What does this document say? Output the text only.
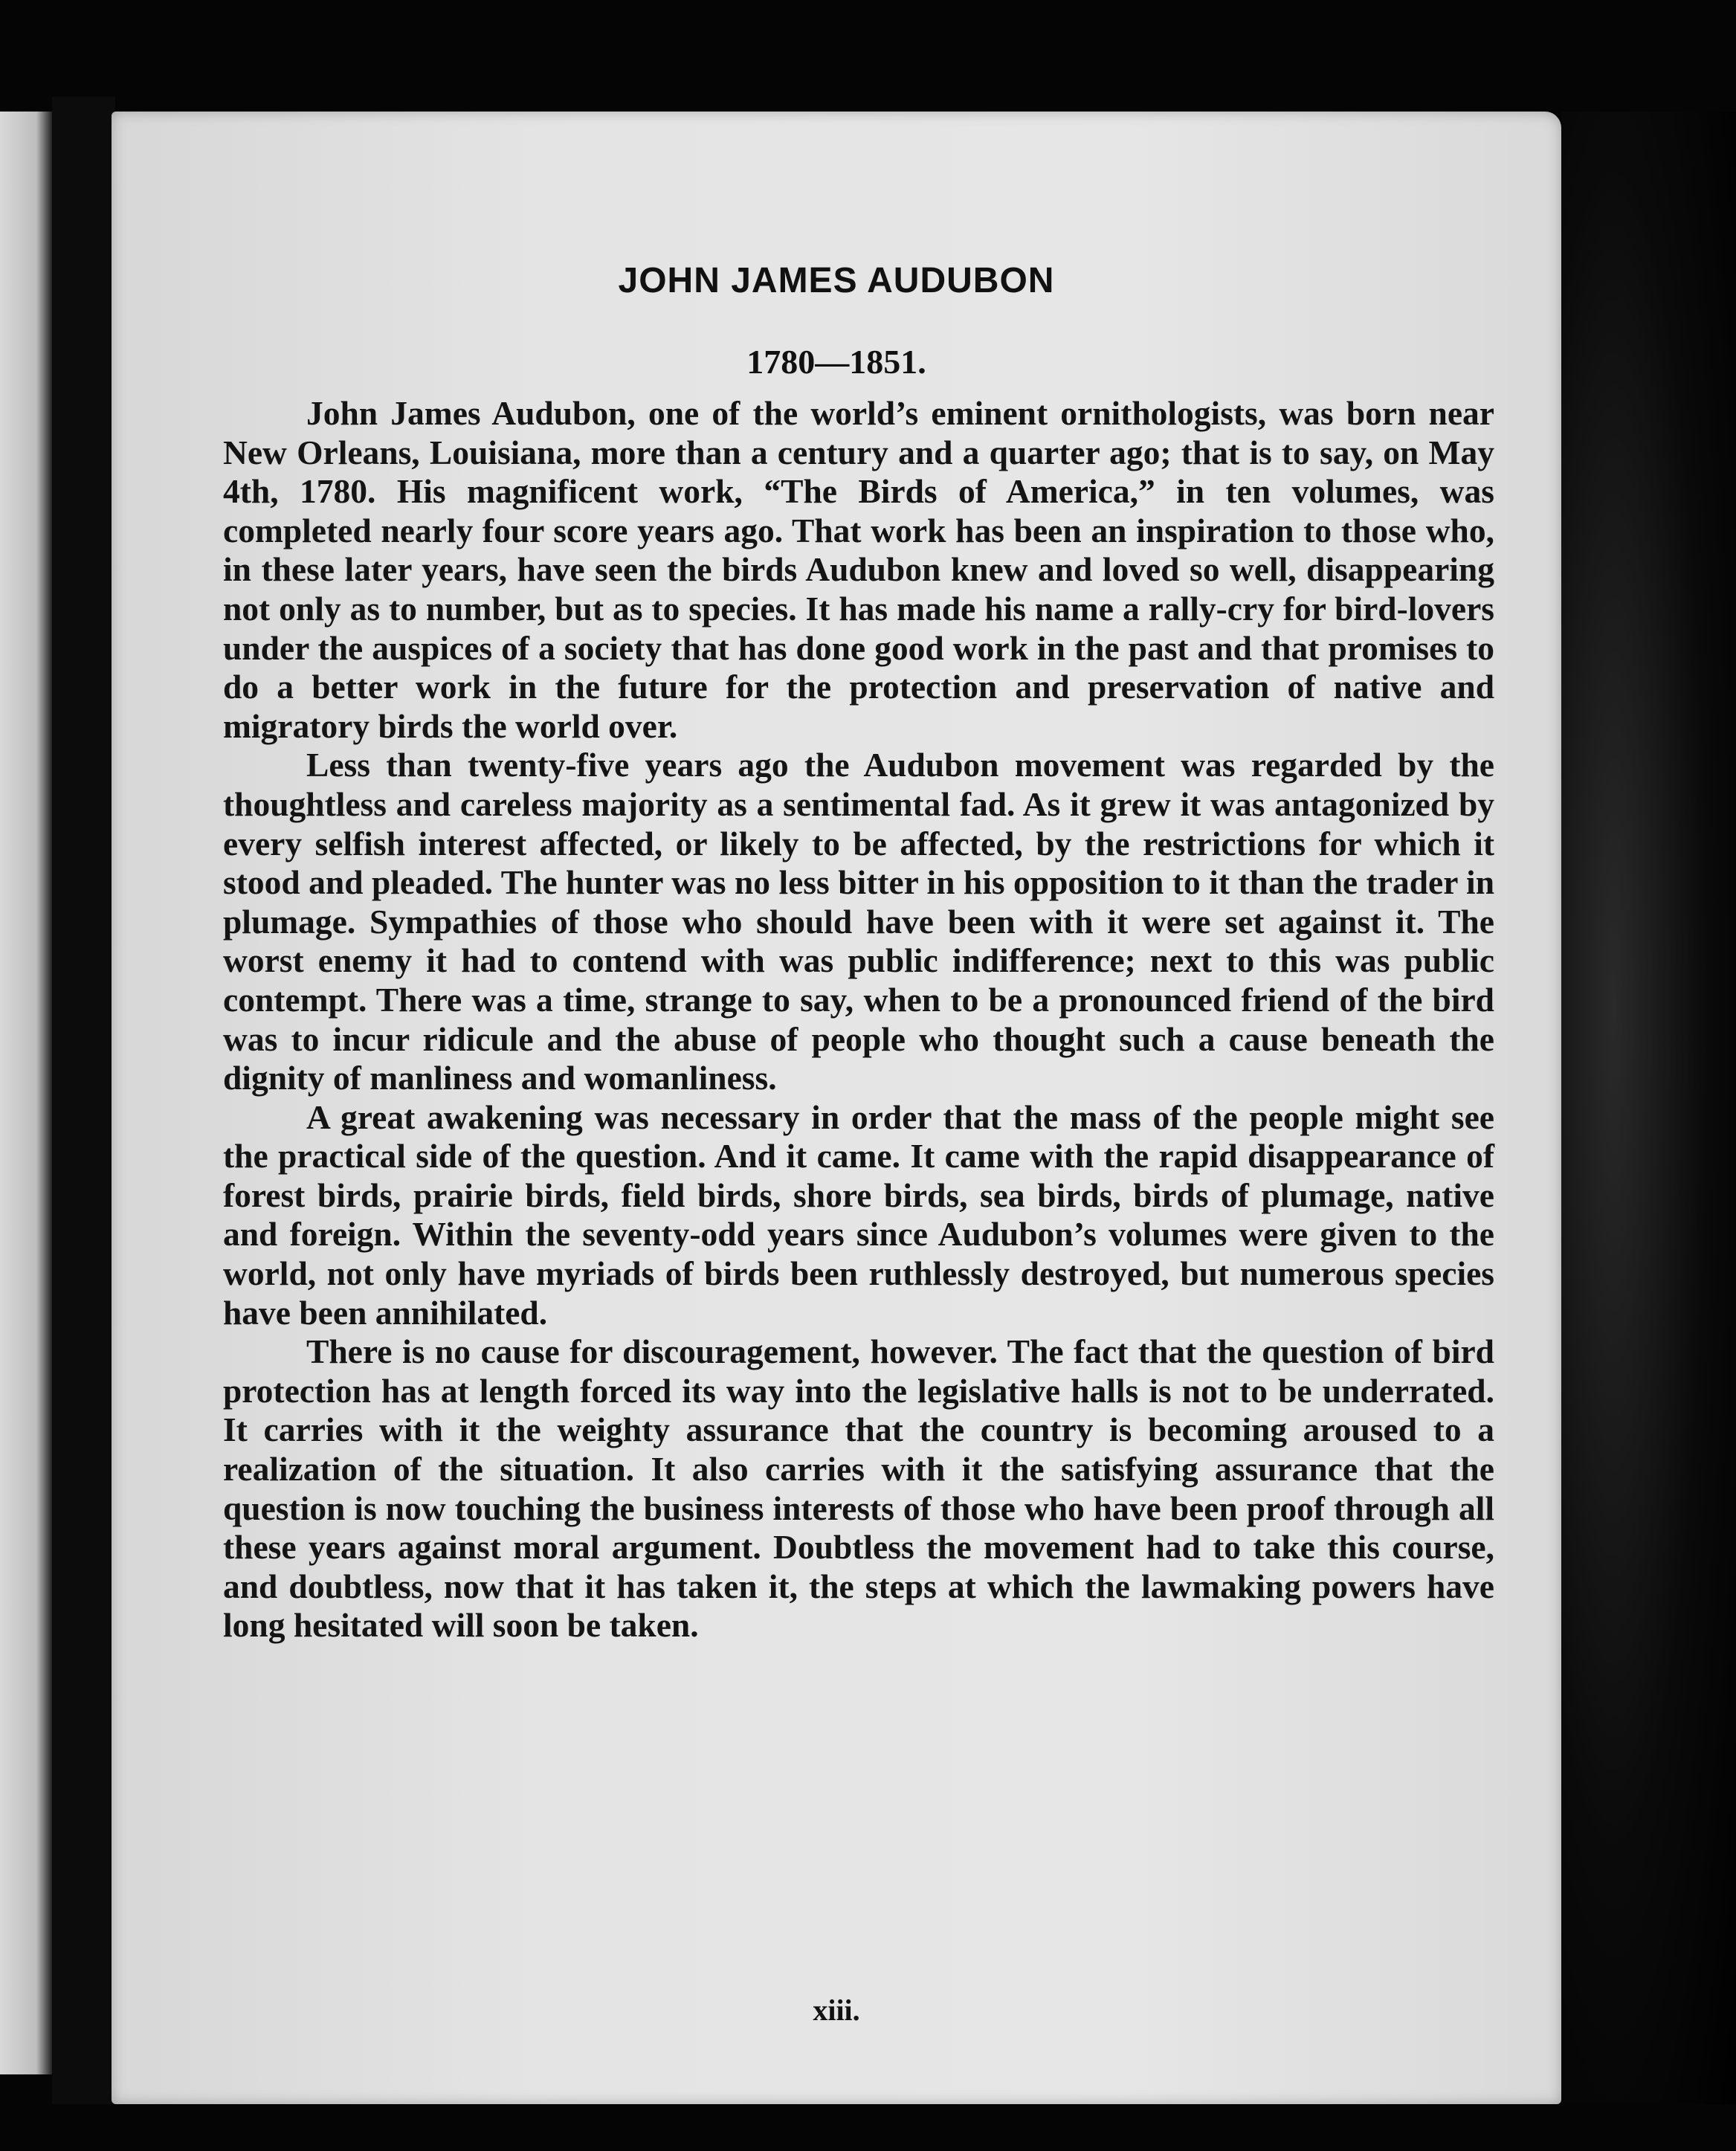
JOHN JAMES AUDUBON
1780—1851.

John James Audubon, one of the world’s eminent ornithologists, was born near New Orleans, Louisiana, more than a century and a quarter ago; that is to say, on May 4th, 1780. His magnificent work, “The Birds of America,” in ten volumes, was completed nearly four score years ago. That work has been an inspiration to those who, in these later years, have seen the birds Audubon knew and loved so well, disappearing not only as to number, but as to species. It has made his name a rally-cry for bird-lovers under the auspices of a society that has done good work in the past and that promises to do a better work in the future for the protection and preservation of native and migratory birds the world over.

Less than twenty-five years ago the Audubon movement was regarded by the thoughtless and careless majority as a sentimental fad. As it grew it was antagonized by every selfish interest affected, or likely to be affected, by the restrictions for which it stood and pleaded. The hunter was no less bitter in his opposition to it than the trader in plumage. Sympathies of those who should have been with it were set against it. The worst enemy it had to contend with was public indifference; next to this was public contempt. There was a time, strange to say, when to be a pronounced friend of the bird was to incur ridicule and the abuse of people who thought such a cause beneath the dignity of manliness and womanliness.

A great awakening was necessary in order that the mass of the people might see the practical side of the question. And it came. It came with the rapid disappearance of forest birds, prairie birds, field birds, shore birds, sea birds, birds of plumage, native and foreign. Within the seventy-odd years since Audubon’s volumes were given to the world, not only have myriads of birds been ruthlessly destroyed, but numerous species have been annihilated.

There is no cause for discouragement, however. The fact that the question of bird protection has at length forced its way into the legislative halls is not to be underrated. It carries with it the weighty assurance that the country is becoming aroused to a realization of the situation. It also carries with it the satisfying assurance that the question is now touching the business interests of those who have been proof through all these years against moral argument. Doubtless the movement had to take this course, and doubtless, now that it has taken it, the steps at which the lawmaking powers have long hesitated will soon be taken.

xiii.
